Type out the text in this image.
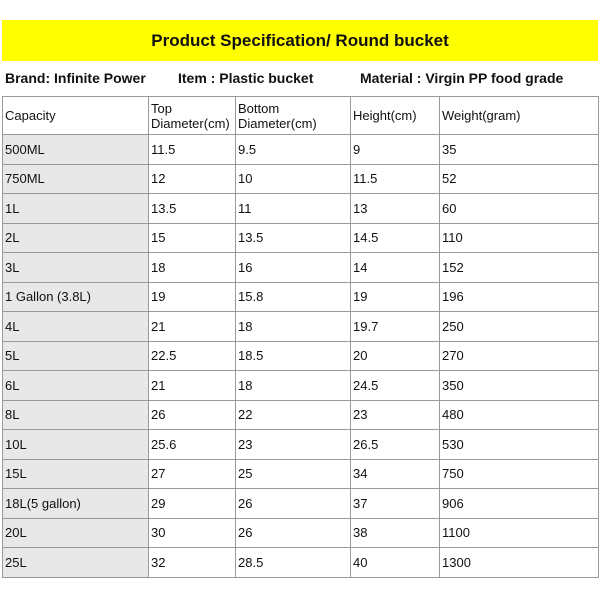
Product Specification/ Round bucket
Brand: Infinite Power Item : Plastic bucket	Material : Virgin PP food grade
Capacity	Top Diameter(cm)	Bottom Diameter(cm)	Height(cm)	Weight(gram)

500ML	11.5	9.5	9	35
750ML	12	10	11.5	52
1L	13.5	11	13	60
2L	15	13.5	14.5	110
3L	18	16	14	152
1 Gallon (3.8L)	19	15.8	19	196
4L	21	18	19.7	250
5L	22.5	18.5	20	270
6L	21	18	24.5	350
8L	26	22	23	480
10L	25.6	23	26.5	530
15L	27	25	34	750
18L(5 gallon)	29	26	37	906
20L	30	26	38	1100
25L	32	28.5	40	1300
